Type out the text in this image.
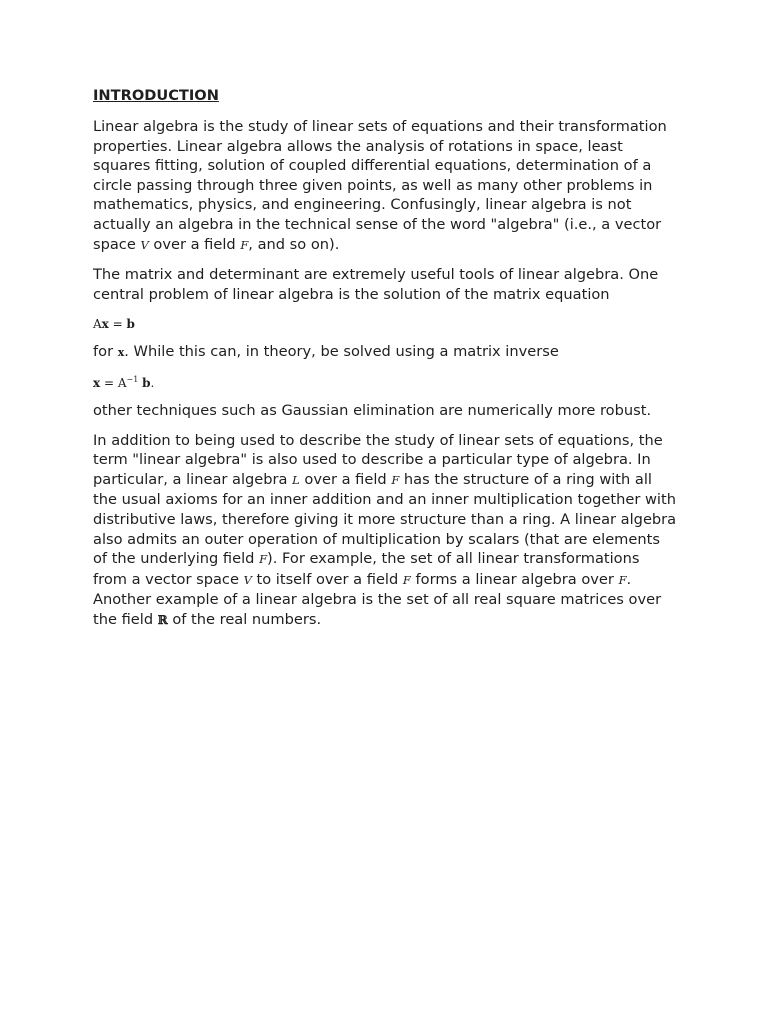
INTRODUCTION

Linear algebra is the study of linear sets of equations and their transformation properties. Linear algebra allows the analysis of rotations in space, least squares fitting, solution of coupled differential equations, determination of a circle passing through three given points, as well as many other problems in mathematics, physics, and engineering. Confusingly, linear algebra is not actually an algebra in the technical sense of the word "algebra" (i.e., a vector space V over a field F, and so on).

The matrix and determinant are extremely useful tools of linear algebra. One central problem of linear algebra is the solution of the matrix equation

Ax = b

for x. While this can, in theory, be solved using a matrix inverse

$x = A^{-1}$ b.

other techniques such as Gaussian elimination are numerically more robust.

In addition to being used to describe the study of linear sets of equations, the term "linear algebra" is also used to describe a particular type of algebra. In particular, a linear algebra L over a field F has the structure of a ring with all the usual axioms for an inner addition and an inner multiplication together with distributive laws, therefore giving it more structure than a ring. A linear algebra also admits an outer operation of multiplication by scalars (that are elements of the underlying field F). For example, the set of all linear transformations from a vector space V to itself over a field F forms a linear algebra over F. Another example of a linear algebra is the set of all real square matrices over the field ℝ of the real numbers.
